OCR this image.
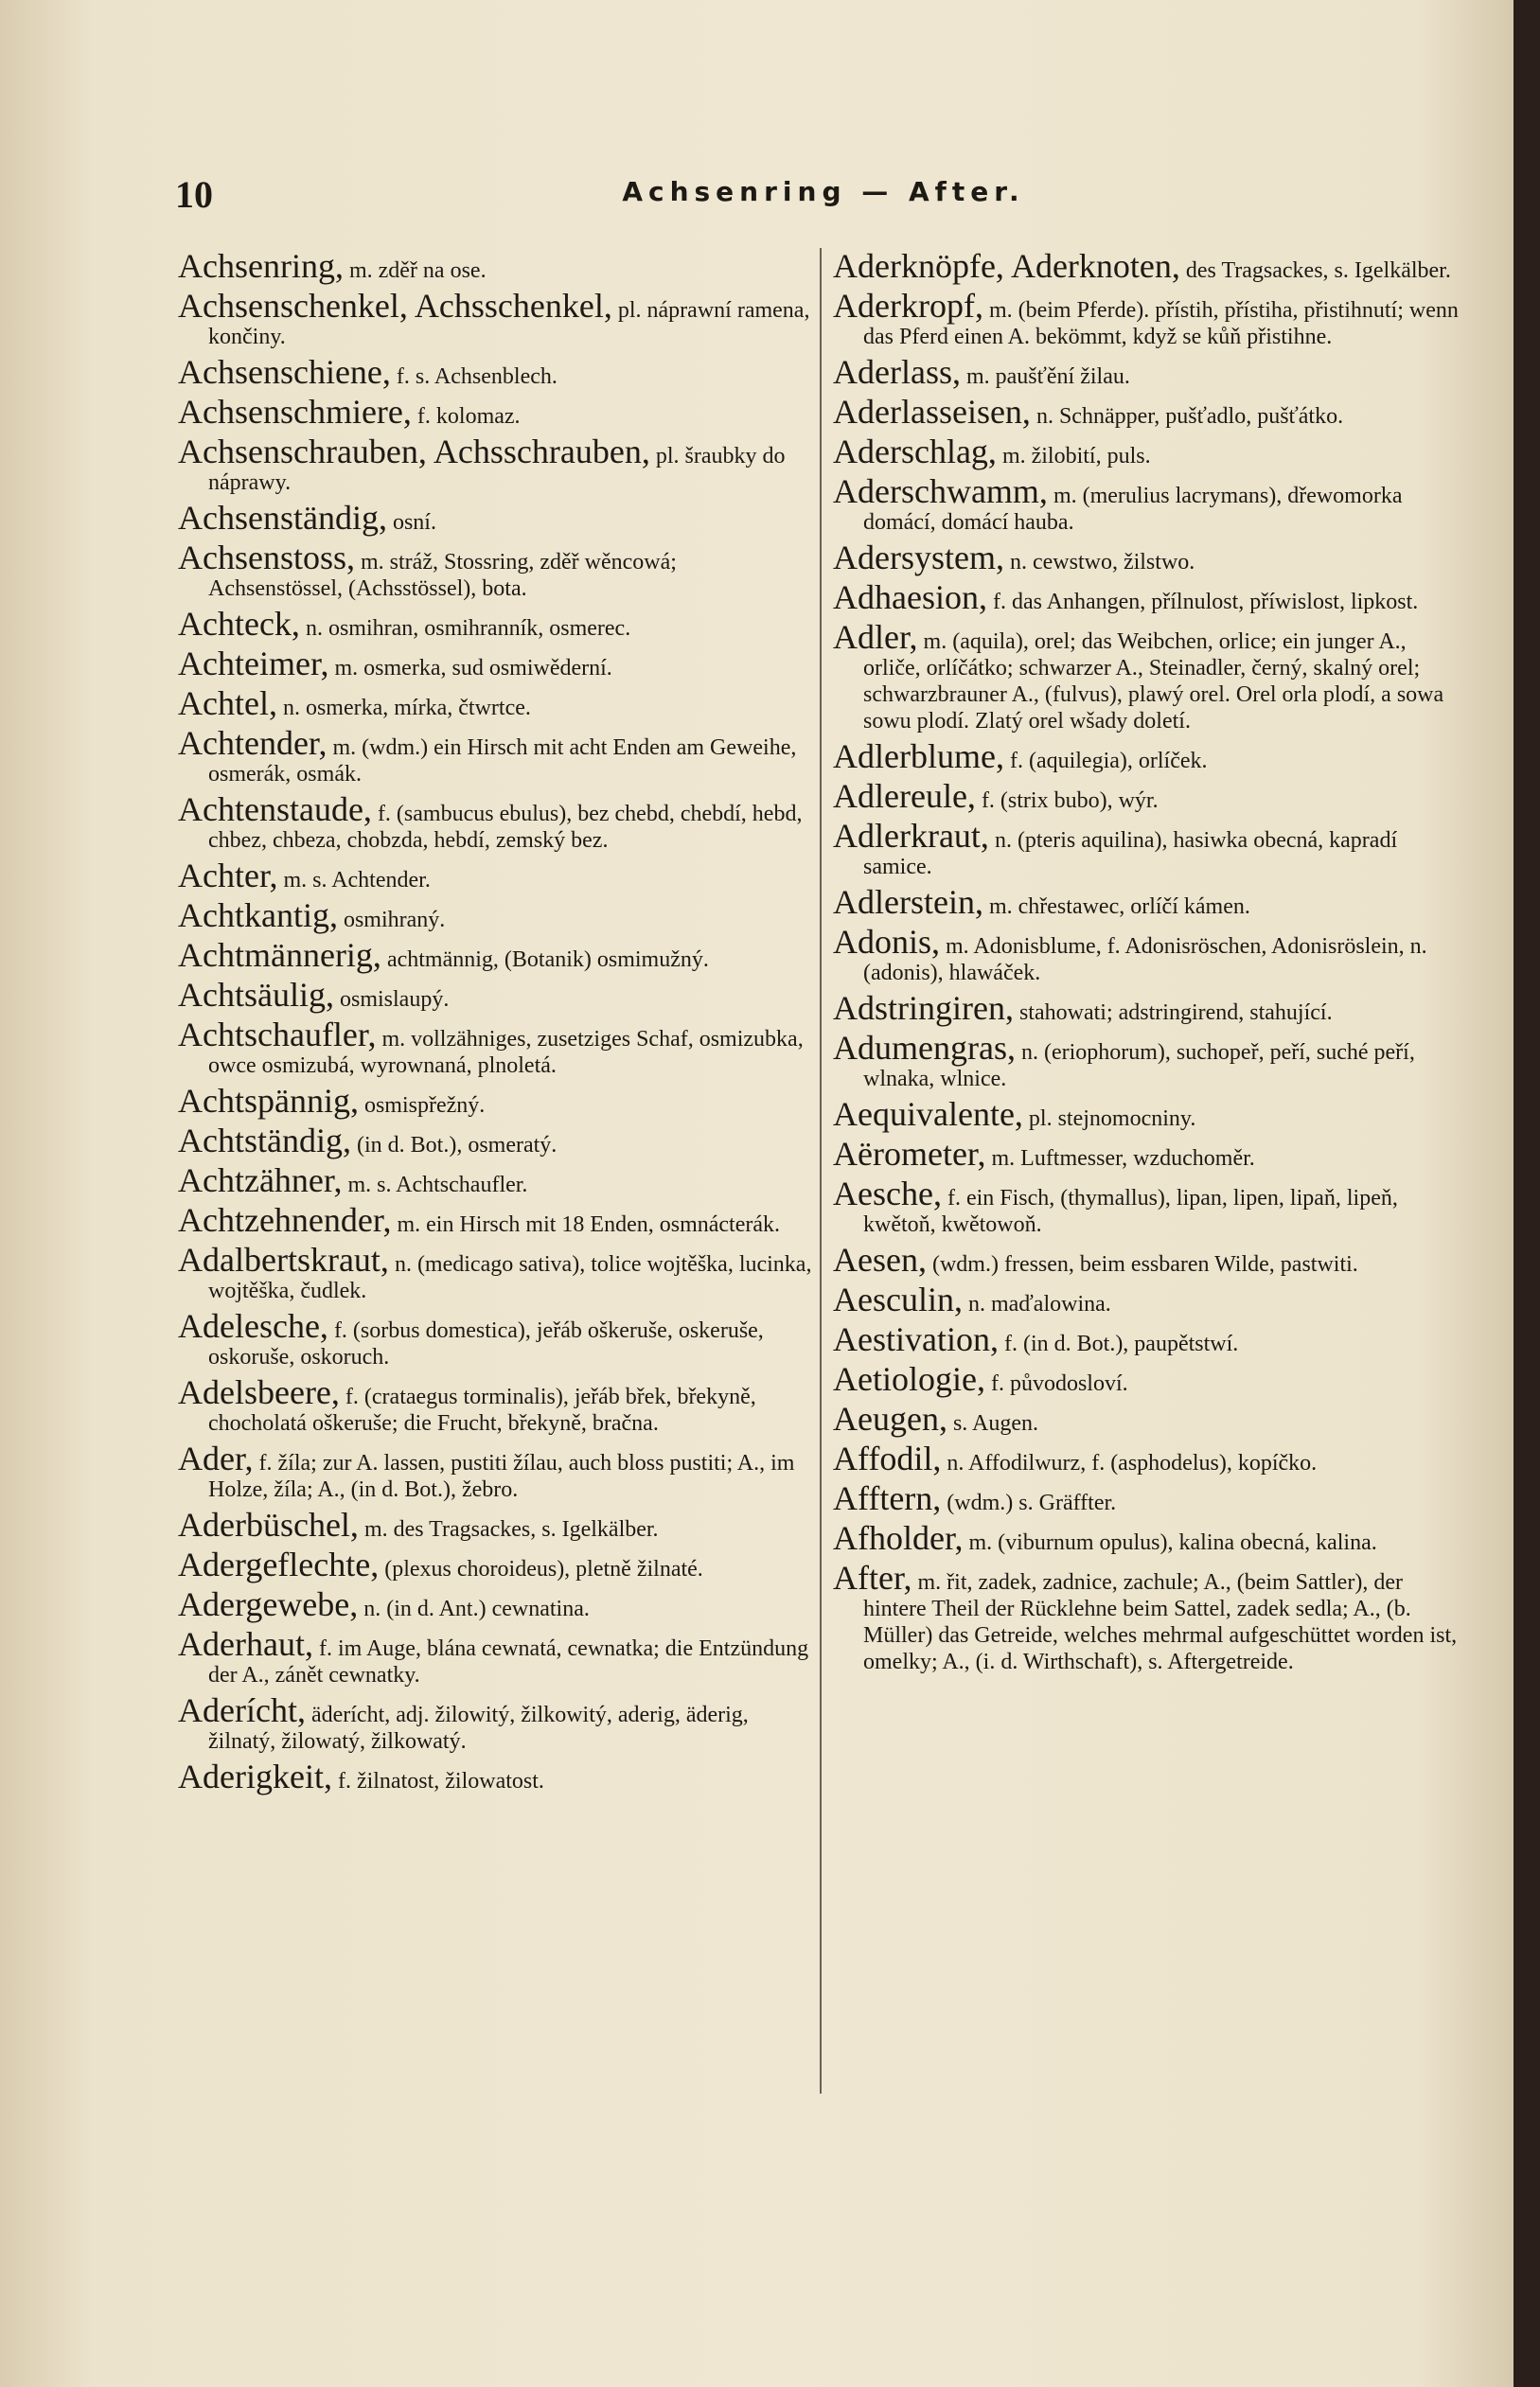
10	Achsenring — After.
Achsenring, m. zděř na ose.
Achsenschenkel, Achsschenkel, pl. náprawní ramena, končiny.
Achsenschiene, f. s. Achsenblech.
Achsenschmiere, f. kolomaz.
Achsenschrauben, Achsschrauben, pl. šraubky do náprawy.
Achsenständig, osní.
Achsenstoss, m. stráž, Stossring, zděř wěncowá; Achsenstössel, (Achsstössel), bota.
Achteck, n. osmihran, osmihranník, osmerec.
Achteimer, m. osmerka, sud osmiwěderní.
Achtel, n. osmerka, mírka, čtwrtce.
Achtender, m. (wdm.) ein Hirsch mit acht Enden am Geweihe, osmerák, osmák.
Achtenstaude, f. (sambucus ebulus), bez chebd, chebdí, hebd, chbez, chbeza, chobzda, hebdí, zemský bez.
Achter, m. s. Achtender.
Achtkantig, osmihraný.
Achtmännerig, achtmännig, (Botanik) osmimužný.
Achtsäulig, osmislaupý.
Achtschaufler, m. vollzähniges, zusetziges Schaf, osmizubka, owce osmizubá, wyrownaná, plnoletá.
Achtspännig, osmispřežný.
Achtständig, (in d. Bot.), osmeratý.
Achtzähner, m. s. Achtschaufler.
Achtzehnender, m. ein Hirsch mit 18 Enden, osmnácterák.
Adalbertskraut, n. (medicago sativa), tolice wojtěška, lucinka, wojtěška, čudlek.
Adelesche, f. (sorbus domestica), jeřáb oškeruše, oskeruše, oskoruše, oskoruch.
Adelsbeere, f. (crataegus torminalis), jeřáb břek, břekyně, chocholatá oškeruše; die Frucht, břekyně, bračna.
Ader, f. žíla; zur A. lassen, pustiti žílau, auch bloss pustiti; A., im Holze, žíla; A., (in d. Bot.), žebro.
Aderbüschel, m. des Tragsackes, s. Igelkälber.
Adergeflechte, (plexus choroideus), pletně žilnaté.
Adergewebe, n. (in d. Ant.) cewnatina.
Aderhaut, f. im Auge, blána cewnatá, cewnatka; die Entzündung der A., zánět cewnatky.
Aderícht, äderícht, adj. žilowitý, žilkowitý, aderig, äderig, žilnatý, žilowatý, žilkowatý.
Aderigkeit, f. žilnatost, žilowatost.
Aderknöpfe, Aderknoten, des Tragsackes, s. Igelkälber.
Aderkropf, m. (beim Pferde). přístih, přístiha, přistihnutí; wenn das Pferd einen A. bekömmt, když se kůň přistihne.
Aderlass, m. paušťění žilau.
Aderlasseisen, n. Schnäpper, pušťadlo, pušťátko.
Aderschlag, m. žilobití, puls.
Aderschwamm, m. (merulius lacrymans), dřewomorka domácí, domácí hauba.
Adersystem, n. cewstwo, žilstwo.
Adhaesion, f. das Anhangen, přílnulost, příwislost, lipkost.
Adler, m. (aquila), orel; das Weibchen, orlice; ein junger A., orliče, orlíčátko; schwarzer A., Steinadler, černý, skalný orel; schwarzbrauner A., (fulvus), plawý orel. Orel orla plodí, a sowa sowu plodí. Zlatý orel wšady doletí.
Adlerblume, f. (aquilegia), orlíček.
Adlereule, f. (strix bubo), wýr.
Adlerkraut, n. (pteris aquilina), hasiwka obecná, kapradí samice.
Adlerstein, m. chřestawec, orlíčí kámen.
Adonis, m. Adonisblume, f. Adonisröschen, Adonisröslein, n. (adonis), hlawáček.
Adstringiren, stahowati; adstringirend, stahující.
Adumengras, n. (eriophorum), suchopeř, peří, suché peří, wlnaka, wlnice.
Aequivalente, pl. stejnomocniny.
Aërometer, m. Luftmesser, wzduchoměr.
Aesche, f. ein Fisch, (thymallus), lipan, lipen, lipaň, lipeň, kwětoň, kwětowoň.
Aesen, (wdm.) fressen, beim essbaren Wilde, pastwiti.
Aesculin, n. maďalowina.
Aestivation, f. (in d. Bot.), paupětstwí.
Aetiologie, f. původosloví.
Aeugen, s. Augen.
Affodil, n. Affodilwurz, f. (asphodelus), kopíčko.
Afftern, (wdm.) s. Gräffter.
Afholder, m. (viburnum opulus), kalina obecná, kalina.
After, m. řit, zadek, zadnice, zachule; A., (beim Sattler), der hintere Theil der Rücklehne beim Sattel, zadek sedla; A., (b. Müller) das Getreide, welches mehrmal aufgeschüttet worden ist, omelky; A., (i. d. Wirthschaft), s. Aftergetreide.
